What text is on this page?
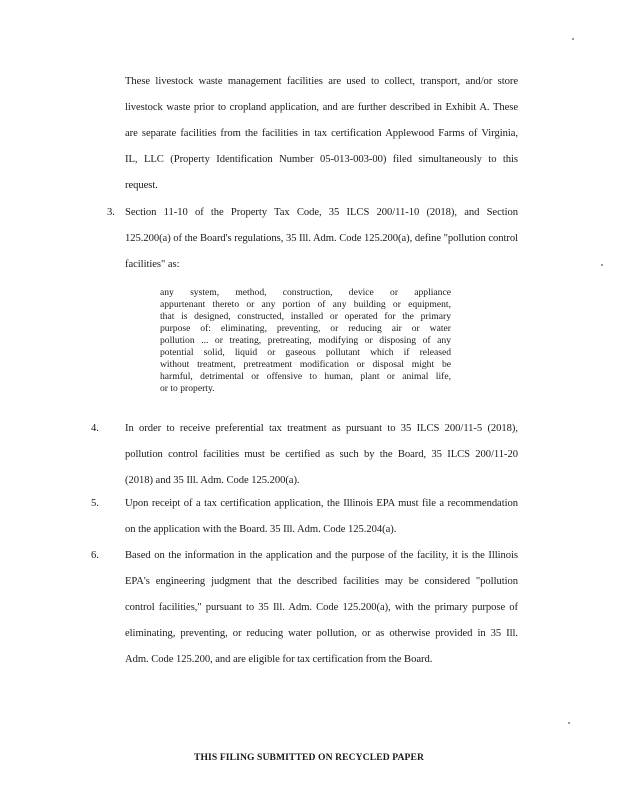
These livestock waste management facilities are used to collect, transport, and/or store
livestock waste prior to cropland application, and are further described in Exhibit A. These
are separate facilities from the facilities in tax certification Applewood Farms of Virginia,
IL, LLC (Property Identification Number 05-013-003-00) filed simultaneously to this
request.
3. Section 11-10 of the Property Tax Code, 35 ILCS 200/11-10 (2018), and Section
125.200(a) of the Board's regulations, 35 Ill. Adm. Code 125.200(a), define "pollution control
facilities" as:
any system, method, construction, device or appliance
appurtenant thereto or any portion of any building or equipment,
that is designed, constructed, installed or operated for the primary
purpose of: eliminating, preventing, or reducing air or water
pollution ... or treating, pretreating, modifying or disposing of any
potential solid, liquid or gaseous pollutant which if released
without treatment, pretreatment modification or disposal might be
harmful, detrimental or offensive to human, plant or animal life,
or to property.
4. In order to receive preferential tax treatment as pursuant to 35 ILCS 200/11-5 (2018),
pollution control facilities must be certified as such by the Board, 35 ILCS 200/11-20
(2018) and 35 Ill. Adm. Code 125.200(a).
5. Upon receipt of a tax certification application, the Illinois EPA must file a recommendation
on the application with the Board. 35 Ill. Adm. Code 125.204(a).
6. Based on the information in the application and the purpose of the facility, it is the Illinois
EPA's engineering judgment that the described facilities may be considered "pollution
control facilities," pursuant to 35 Ill. Adm. Code 125.200(a), with the primary purpose of
eliminating, preventing, or reducing water pollution, or as otherwise provided in 35 Ill.
Adm. Code 125.200, and are eligible for tax certification from the Board.
THIS FILING SUBMITTED ON RECYCLED PAPER
